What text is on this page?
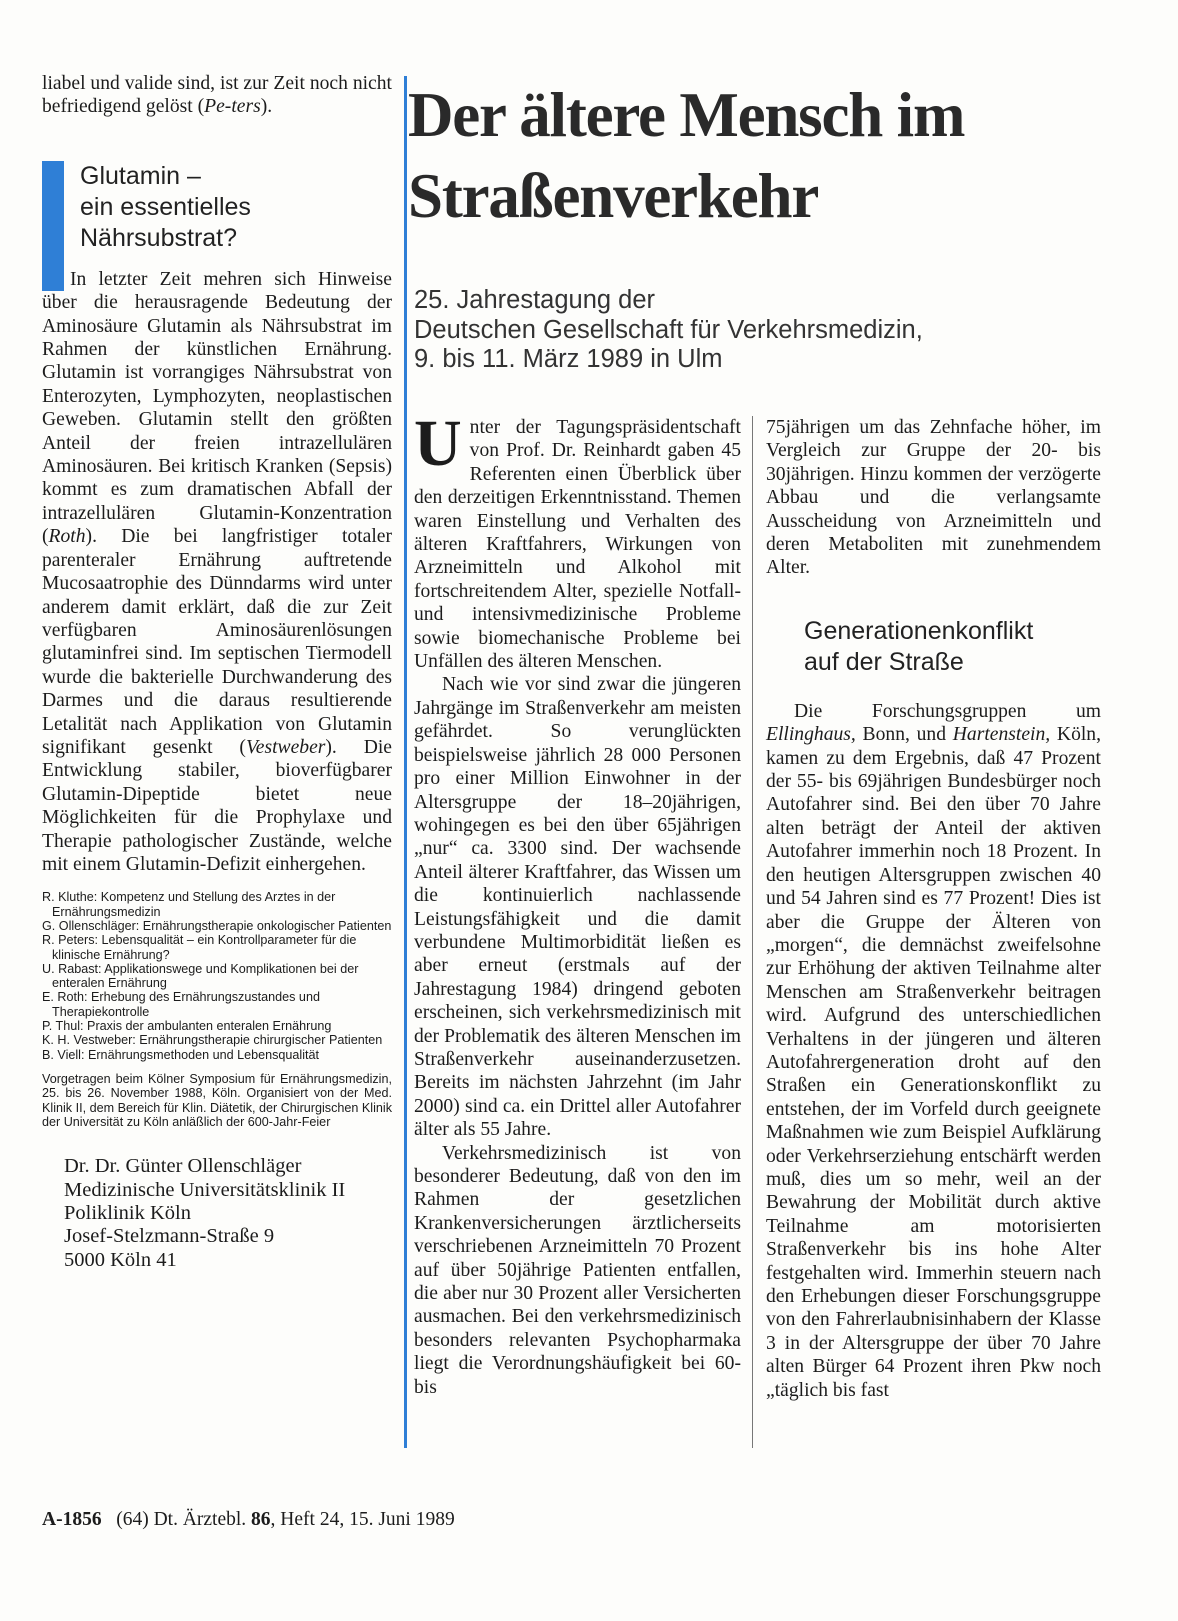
liabel und valide sind, ist zur Zeit noch nicht befriedigend gelöst (Pe-ters).

Glutamin –
ein essentielles
Nährsubstrat?

In letzter Zeit mehren sich Hinweise über die herausragende Bedeutung der Aminosäure Glutamin als Nährsubstrat im Rahmen der künstlichen Ernährung. Glutamin ist vorrangiges Nährsubstrat von Enterozyten, Lymphozyten, neoplastischen Geweben. Glutamin stellt den größten Anteil der freien intrazellulären Aminosäuren. Bei kritisch Kranken (Sepsis) kommt es zum dramatischen Abfall der intrazellulären Glutamin-Konzentration (Roth). Die bei langfristiger totaler parenteraler Ernährung auftretende Mucosaatrophie des Dünndarms wird unter anderem damit erklärt, daß die zur Zeit verfügbaren Aminosäurenlösungen glutaminfrei sind. Im septischen Tiermodell wurde die bakterielle Durchwanderung des Darmes und die daraus resultierende Letalität nach Applikation von Glutamin signifikant gesenkt (Vestweber). Die Entwicklung stabiler, bioverfügbarer Glutamin-Dipeptide bietet neue Möglichkeiten für die Prophylaxe und Therapie pathologischer Zustände, welche mit einem Glutamin-Defizit einhergehen.

R. Kluthe: Kompetenz und Stellung des Arztes in der Ernährungsmedizin

G. Ollenschläger: Ernährungstherapie onkologischer Patienten

R. Peters: Lebensqualität – ein Kontrollparameter für die klinische Ernährung?

U. Rabast: Applikationswege und Komplikationen bei der enteralen Ernährung

E. Roth: Erhebung des Ernährungszustandes und Therapiekontrolle

P. Thul: Praxis der ambulanten enteralen Ernährung

K. H. Vestweber: Ernährungstherapie chirurgischer Patienten

B. Viell: Ernährungsmethoden und Lebensqualität

Vorgetragen beim Kölner Symposium für Ernährungsmedizin, 25. bis 26. November 1988, Köln. Organisiert von der Med. Klinik II, dem Bereich für Klin. Diätetik, der Chirurgischen Klinik der Universität zu Köln anläßlich der 600-Jahr-Feier

Dr. Dr. Günter Ollenschläger
Medizinische Universitätsklinik II
Poliklinik Köln
Josef-Stelzmann-Straße 9
5000 Köln 41
Der ältere Mensch im Straßenverkehr
25. Jahrestagung der
Deutschen Gesellschaft für Verkehrsmedizin,
9. bis 11. März 1989 in Ulm

Unter der Tagungspräsidentschaft von Prof. Dr. Reinhardt gaben 45 Referenten einen Überblick über den derzeitigen Erkenntnisstand. Themen waren Einstellung und Verhalten des älteren Kraftfahrers, Wirkungen von Arzneimitteln und Alkohol mit fortschreitendem Alter, spezielle Notfall- und intensivmedizinische Probleme sowie biomechanische Probleme bei Unfällen des älteren Menschen.

Nach wie vor sind zwar die jüngeren Jahrgänge im Straßenverkehr am meisten gefährdet. So verunglückten beispielsweise jährlich 28 000 Personen pro einer Million Einwohner in der Altersgruppe der 18–20jährigen, wohingegen es bei den über 65jährigen „nur“ ca. 3300 sind. Der wachsende Anteil älterer Kraftfahrer, das Wissen um die kontinuierlich nachlassende Leistungsfähigkeit und die damit verbundene Multimorbidität ließen es aber erneut (erstmals auf der Jahrestagung 1984) dringend geboten erscheinen, sich verkehrsmedizinisch mit der Problematik des älteren Menschen im Straßenverkehr auseinanderzusetzen. Bereits im nächsten Jahrzehnt (im Jahr 2000) sind ca. ein Drittel aller Autofahrer älter als 55 Jahre.

Verkehrsmedizinisch ist von besonderer Bedeutung, daß von den im Rahmen der gesetzlichen Krankenversicherungen ärztlicherseits verschriebenen Arzneimitteln 70 Prozent auf über 50jährige Patienten entfallen, die aber nur 30 Prozent aller Versicherten ausmachen. Bei den verkehrsmedizinisch besonders relevanten Psychopharmaka liegt die Verordnungshäufigkeit bei 60- bis

75jährigen um das Zehnfache höher, im Vergleich zur Gruppe der 20- bis 30jährigen. Hinzu kommen der verzögerte Abbau und die verlangsamte Ausscheidung von Arzneimitteln und deren Metaboliten mit zunehmendem Alter.

Generationenkonflikt
auf der Straße

Die Forschungsgruppen um Ellinghaus, Bonn, und Hartenstein, Köln, kamen zu dem Ergebnis, daß 47 Prozent der 55- bis 69jährigen Bundesbürger noch Autofahrer sind. Bei den über 70 Jahre alten beträgt der Anteil der aktiven Autofahrer immerhin noch 18 Prozent. In den heutigen Altersgruppen zwischen 40 und 54 Jahren sind es 77 Prozent! Dies ist aber die Gruppe der Älteren von „morgen“, die demnächst zweifelsohne zur Erhöhung der aktiven Teilnahme alter Menschen am Straßenverkehr beitragen wird. Aufgrund des unterschiedlichen Verhaltens in der jüngeren und älteren Autofahrergeneration droht auf den Straßen ein Generationskonflikt zu entstehen, der im Vorfeld durch geeignete Maßnahmen wie zum Beispiel Aufklärung oder Verkehrserziehung entschärft werden muß, dies um so mehr, weil an der Bewahrung der Mobilität durch aktive Teilnahme am motorisierten Straßenverkehr bis ins hohe Alter festgehalten wird. Immerhin steuern nach den Erhebungen dieser Forschungsgruppe von den Fahrerlaubnisinhabern der Klasse 3 in der Altersgruppe der über 70 Jahre alten Bürger 64 Prozent ihren Pkw noch „täglich bis fast

A-1856 (64) Dt. Ärztebl. 86, Heft 24, 15. Juni 1989
